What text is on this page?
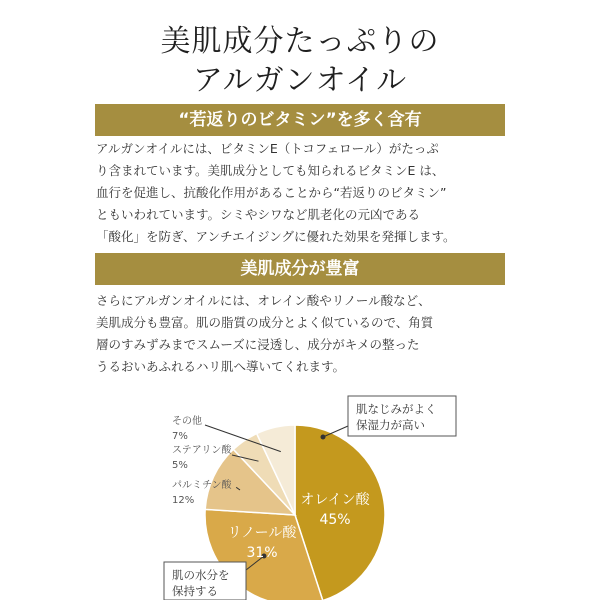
美肌成分たっぷりの
アルガンオイル
“若返りのビタミン”を多く含有
アルガンオイルには、ビタミンE（トコフェロール）がたっぷ
り含まれています。美肌成分としても知られるビタミンE は、
血行を促進し、抗酸化作用があることから“若返りのビタミン”
ともいわれています。シミやシワなど肌老化の元凶である
「酸化」を防ぎ、アンチエイジングに優れた効果を発揮します。
美肌成分が豊富
さらにアルガンオイルには、オレイン酸やリノール酸など、
美肌成分も豊富。肌の脂質の成分とよく似ているので、角質
層のすみずみまでスムーズに浸透し、成分がキメの整った
うるおいあふれるハリ肌へ導いてくれます。
オレイン酸
45%
リノール酸
31%
その他
7%
ステアリン酸
5%
パルミチン酸
12%
肌なじみがよく
保湿力が高い
肌の水分を
保持する
